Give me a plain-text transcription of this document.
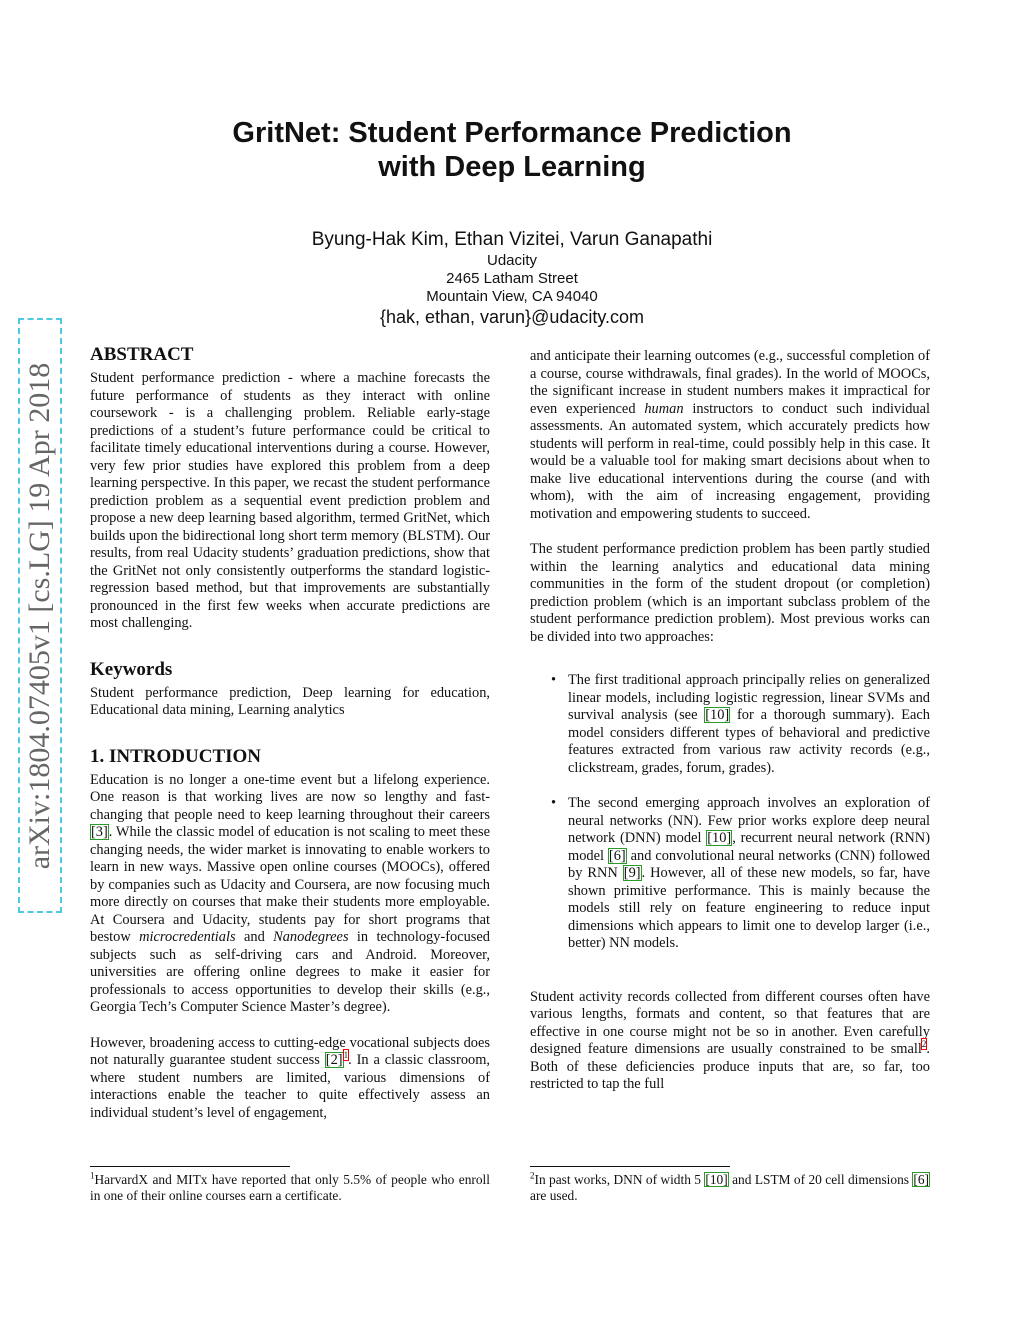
arXiv:1804.07405v1 [cs.LG] 19 Apr 2018
GritNet: Student Performance Prediction
with Deep Learning
Byung-Hak Kim, Ethan Vizitei, Varun Ganapathi
Udacity
2465 Latham Street
Mountain View, CA 94040
{hak, ethan, varun}@udacity.com
ABSTRACT

Student performance prediction - where a machine forecasts the future performance of students as they interact with online coursework - is a challenging problem. Reliable early-stage predictions of a student’s future performance could be critical to facilitate timely educational interventions during a course. However, very few prior studies have explored this problem from a deep learning perspective. In this paper, we recast the student performance prediction problem as a sequential event prediction problem and propose a new deep learning based algorithm, termed GritNet, which builds upon the bidirectional long short term memory (BLSTM). Our results, from real Udacity students’ graduation predictions, show that the GritNet not only consistently outperforms the standard logistic-regression based method, but that improvements are substantially pronounced in the first few weeks when accurate predictions are most challenging.

Keywords

Student performance prediction, Deep learning for education, Educational data mining, Learning analytics

1. INTRODUCTION

Education is no longer a one-time event but a lifelong experience. One reason is that working lives are now so lengthy and fast-changing that people need to keep learning throughout their careers [3]. While the classic model of education is not scaling to meet these changing needs, the wider market is innovating to enable workers to learn in new ways. Massive open online courses (MOOCs), offered by companies such as Udacity and Coursera, are now focusing much more directly on courses that make their students more employable. At Coursera and Udacity, students pay for short programs that bestow microcredentials and Nanodegrees in technology-focused subjects such as self-driving cars and Android. Moreover, universities are offering online degrees to make it easier for professionals to access opportunities to develop their skills (e.g., Georgia Tech’s Computer Science Master’s degree).

However, broadening access to cutting-edge vocational subjects does not naturally guarantee student success [2]$^1$. In a classic classroom, where student numbers are limited, various dimensions of interactions enable the teacher to quite effectively assess an individual student’s level of engagement,

$^1$HarvardX and MITx have reported that only 5.5% of people who enroll in one of their online courses earn a certificate.

and anticipate their learning outcomes (e.g., successful completion of a course, course withdrawals, final grades). In the world of MOOCs, the significant increase in student numbers makes it impractical for even experienced human instructors to conduct such individual assessments. An automated system, which accurately predicts how students will perform in real-time, could possibly help in this case. It would be a valuable tool for making smart decisions about when to make live educational interventions during the course (and with whom), with the aim of increasing engagement, providing motivation and empowering students to succeed.

The student performance prediction problem has been partly studied within the learning analytics and educational data mining communities in the form of the student dropout (or completion) prediction problem (which is an important subclass problem of the student performance prediction problem). Most previous works can be divided into two approaches:

• The first traditional approach principally relies on generalized linear models, including logistic regression, linear SVMs and survival analysis (see [10] for a thorough summary). Each model considers different types of behavioral and predictive features extracted from various raw activity records (e.g., clickstream, grades, forum, grades).
• The second emerging approach involves an exploration of neural networks (NN). Few prior works explore deep neural network (DNN) model [10], recurrent neural network (RNN) model [6] and convolutional neural networks (CNN) followed by RNN [9]. However, all of these new models, so far, have shown primitive performance. This is mainly because the models still rely on feature engineering to reduce input dimensions which appears to limit one to develop larger (i.e., better) NN models.

Student activity records collected from different courses often have various lengths, formats and content, so that features that are effective in one course might not be so in another. Even carefully designed feature dimensions are usually constrained to be small$^2$. Both of these deficiencies produce inputs that are, so far, too restricted to tap the full

$^2$In past works, DNN of width 5 [10] and LSTM of 20 cell dimensions [6] are used.
